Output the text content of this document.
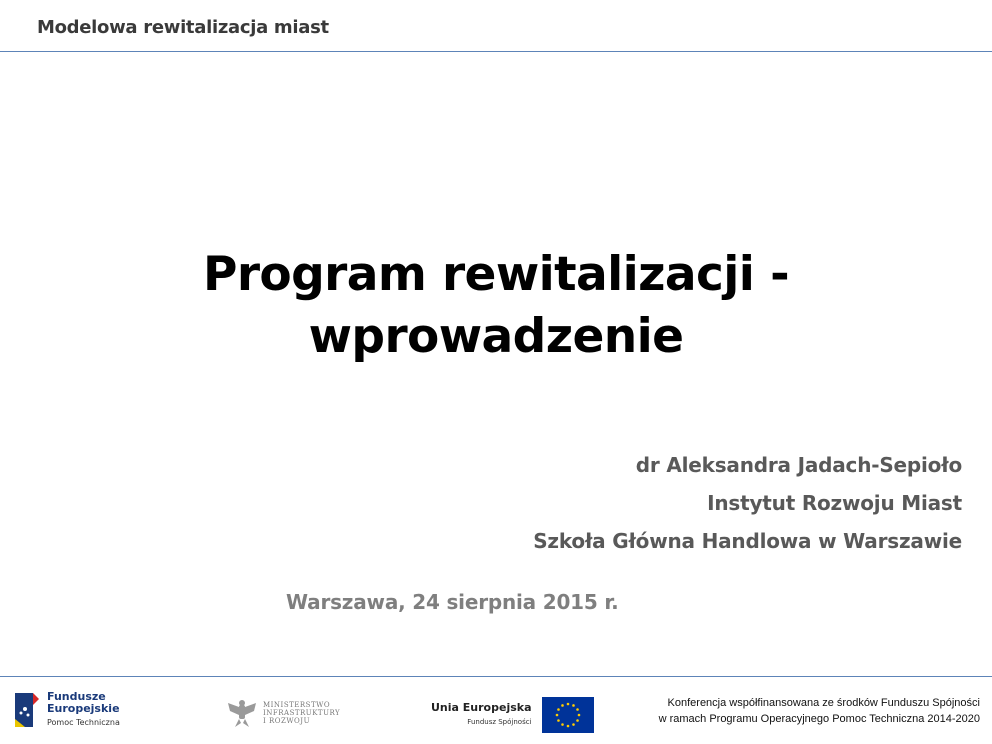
Modelowa rewitalizacja miast
Program rewitalizacji -
wprowadzenie
dr Aleksandra Jadach-Sepioło
Instytut Rozwoju Miast
Szkoła Główna Handlowa w Warszawie
Warszawa, 24 sierpnia 2015 r.
Fundusze
Europejskie
Pomoc Techniczna
MINISTERSTWO
INFRASTRUKTURY
I ROZWOJU
Unia Europejska
Fundusz Spójności
Konferencja współfinansowana ze środków Funduszu Spójności
w ramach Programu Operacyjnego Pomoc Techniczna 2014-2020
